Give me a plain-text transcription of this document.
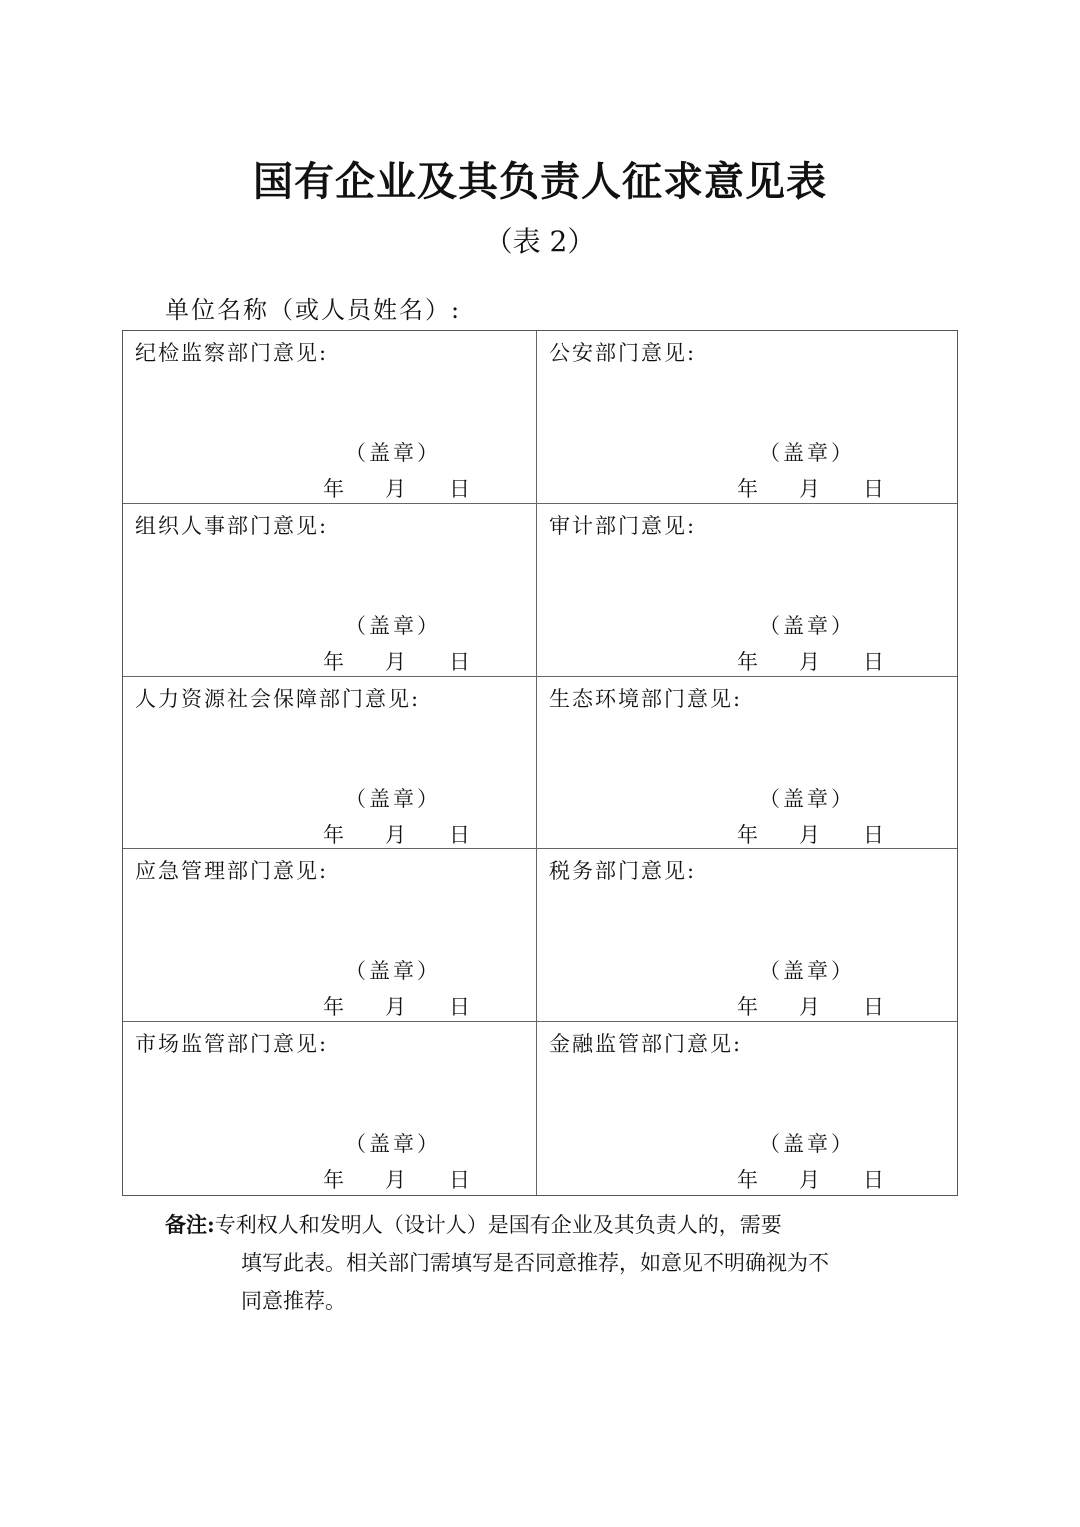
国有企业及其负责人征求意见表
（表 2）
单位名称（或人员姓名）:
纪检监察部门意见:
（盖章）
年	月	日
公安部门意见:
（盖章）
年	月	日
组织人事部门意见:
（盖章）
年	月	日
审计部门意见:
（盖章）
年	月	日
人力资源社会保障部门意见:
（盖章）
年	月	日
生态环境部门意见:
（盖章）
年	月	日
应急管理部门意见:
（盖章）
年	月	日
税务部门意见:
（盖章）
年	月	日
市场监管部门意见:
（盖章）
年	月	日
金融监管部门意见:
（盖章）
年	月	日
备注:专利权人和发明人（设计人）是国有企业及其负责人的，需要
填写此表。相关部门需填写是否同意推荐，如意见不明确视为不
同意推荐。
